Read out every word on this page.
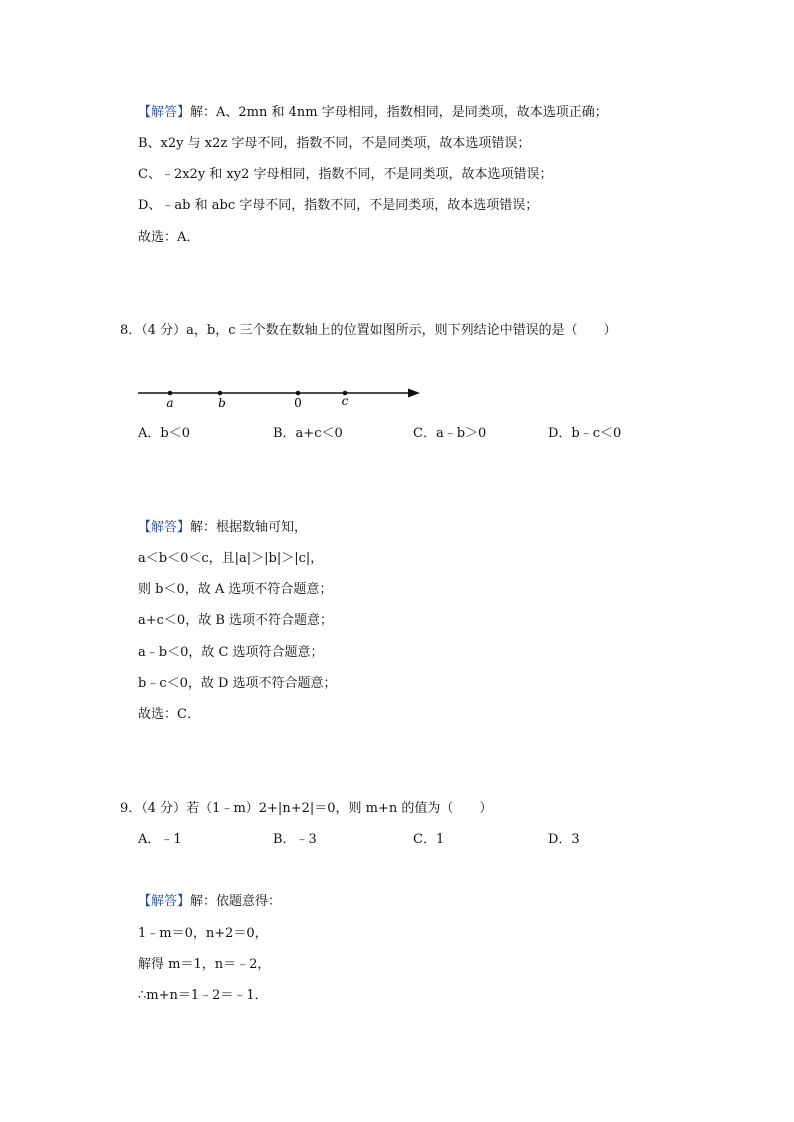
【解答】解：A、2mn 和 4nm 字母相同，指数相同，是同类项，故本选项正确；
B、x2y 与 x2z 字母不同，指数不同，不是同类项，故本选项错误；
C、﹣2x2y 和 xy2 字母相同，指数不同，不是同类项，故本选项错误；
D、﹣ab 和 abc 字母不同，指数不同，不是同类项，故本选项错误；
故选：A．
8．（4 分）a，b，c 三个数在数轴上的位置如图所示，则下列结论中错误的是（　　）
a	b	0	c
A．b＜0	B．a+c＜0	C．a﹣b＞0	D．b﹣c＜0
【解答】解：根据数轴可知，
a＜b＜0＜c，且|a|＞|b|＞|c|，
则 b＜0，故 A 选项不符合题意；
a+c＜0，故 B 选项不符合题意；
a﹣b＜0，故 C 选项符合题意；
b﹣c＜0，故 D 选项不符合题意；
故选：C．
9．（4 分）若（1﹣m）2+|n+2|＝0，则 m+n 的值为（　　）
A．﹣1	B．﹣3	C．1	D．3
【解答】解：依题意得：
1﹣m＝0，n+2＝0，
解得 m＝1，n＝﹣2，
∴m+n＝1﹣2＝﹣1．
